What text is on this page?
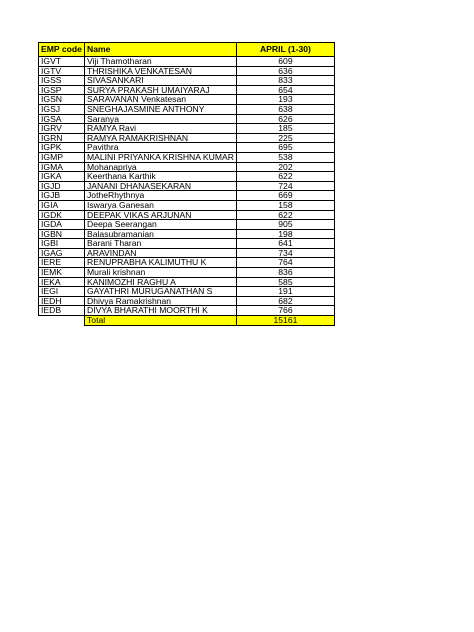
EMP code	Name	APRIL (1-30)
IGVT	Viji Thamotharan	609
IGTV	THRISHIKA VENKATESAN	636
IGSS	SIVASANKARI	833
IGSP	SURYA PRAKASH UMAIYARAJ	654
IGSN	SARAVANAN Venkatesan	193
IGSJ	SNEGHAJASMINE ANTHONY	638
IGSA	Saranya	626
IGRV	RAMYA Ravi	185
IGRN	RAMYA RAMAKRISHNAN	225
IGPK	Pavithra	695
IGMP	MALINI PRIYANKA KRISHNA KUMAR	538
IGMA	Mohanapriya	202
IGKA	Keerthana Karthik	622
IGJD	JANANI DHANASEKARAN	724
IGJB	JotheRhythnya	669
IGIA	Iswarya Ganesan	158
IGDK	DEEPAK VIKAS ARJUNAN	622
IGDA	Deepa Seerangan	905
IGBN	Balasubramanian	198
IGBI	Barani Tharan	641
IGAG	ARAVINDAN	734
IERE	RENUPRABHA KALIMUTHU K	764
IEMK	Murali krishnan	836
IEKA	KANIMOZHI RAGHU A	585
IEGI	GAYATHRI MURUGANATHAN S	191
IEDH	Dhivya Ramakrishnan	682
IEDB	DIVYA BHARATHI MOORTHI K	766
	Total	15161
